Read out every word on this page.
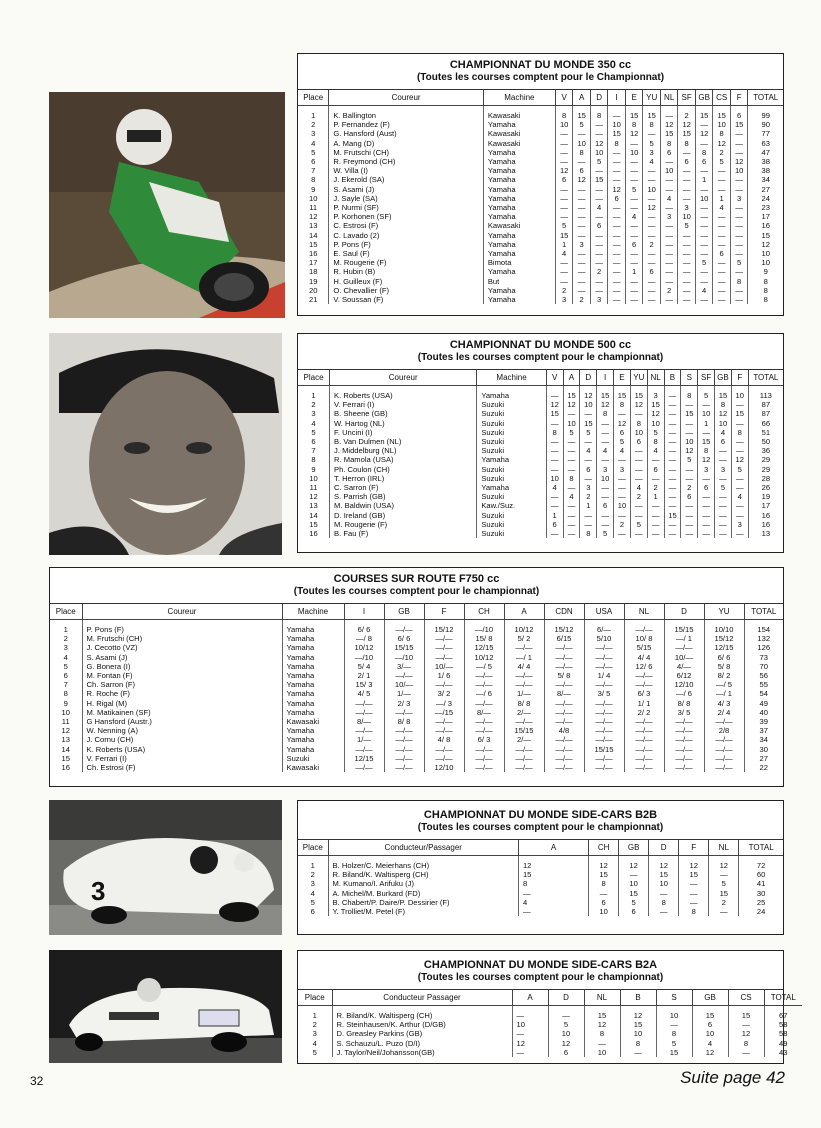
3
CHAMPIONNAT DU MONDE 350 cc
(Toutes les courses comptent pour le Championnat)
Place	Coureur	Machine	V	A	D	I	E	YU	NL	SF	GB	CS	F	TOTAL

1	K. Ballington	Kawasaki	8	15	8	—	15	15	—	2	15	15	6	99
2	P. Fernandez (F)	Yamaha	10	5	—	10	8	8	12	12	—	10	15	90
3	G. Hansford (Aust)	Kawasaki	—	—	—	15	12	—	15	15	12	8	—	77
4	A. Mang (D)	Kawasaki	—	10	12	8	—	5	8	8	—	12	—	63
5	M. Frutschi (CH)	Yamaha	—	8	10	—	10	3	6	—	8	2	—	47
6	R. Freymond (CH)	Yamaha	—	—	5	—	—	4	—	6	6	5	12	38
7	W. Villa (I)	Yamaha	12	6	—	—	—	—	10	—	—	—	10	38
8	J. Ekerold (SA)	Yamaha	6	12	15	—	—	—	—	—	1	—	—	34
9	S. Asami (J)	Yamaha	—	—	—	12	5	10	—	—	—	—	—	27
10	J. Sayle (SA)	Yamaha	—	—	—	6	—	—	4	—	10	1	3	24
11	P. Nurmi (SF)	Yamaha	—	—	4	—	—	12	—	3	—	4	—	23
12	P. Korhonen (SF)	Yamaha	—	—	—	—	4	—	3	10	—	—	—	17
13	C. Estrosi (F)	Kawasaki	5	—	6	—	—	—	—	5	—	—	—	16
14	C. Lavado (2)	Yamaha	15	—	—	—	—	—	—	—	—	—	—	15
15	P. Pons (F)	Yamaha	1	3	—	—	6	2	—	—	—	—	—	12
16	E. Saul (F)	Yamaha	4	—	—	—	—	—	—	—	—	6	—	10
17	M. Rougerie (F)	Bimota	—	—	—	—	—	—	—	—	5	—	5	10
18	R. Hubin (B)	Yamaha	—	—	2	—	1	6	—	—	—	—	—	9
19	H. Guilleux (F)	But	—	—	—	—	—	—	—	—	—	—	8	8
20	O. Chevallier (F)	Yamaha	2	—	—	—	—	—	2	—	4	—	—	8
21	V. Soussan (F)	Yamaha	3	2	3	—	—	—	—	—	—	—	—	8
CHAMPIONNAT DU MONDE 500 cc
(Toutes les courses comptent pour le championnat)
Place	Coureur	Machine	V	A	D	I	E	YU	NL	B	S	SF	GB	F	TOTAL

1	K. Roberts (USA)	Yamaha	—	15	12	15	15	15	3	—	8	5	15	10	113
2	V. Ferrari (I)	Suzuki	12	12	10	12	8	12	15	—	—	—	8	—	87
3	B. Sheene (GB)	Suzuki	15	—	—	8	—	—	12	—	15	10	12	15	87
4	W. Hartog (NL)	Suzuki	—	10	15	—	12	8	10	—	—	1	10	—	66
5	F. Uncini (I)	Suzuki	8	5	5	—	6	10	5	—	—	—	4	8	51
6	B. Van Dulmen (NL)	Suzuki	—	—	—	—	5	6	8	—	10	15	6	—	50
7	J. Middelburg (NL)	Suzuki	—	—	4	4	4	—	4	—	12	8	—	—	36
8	R. Mamola (USA)	Yamaha	—	—	—	—	—	—	—	—	5	12	—	12	29
9	Ph. Coulon (CH)	Suzuki	—	—	6	3	3	—	6	—	—	3	3	5	29
10	T. Herron (IRL)	Suzuki	10	8	—	10	—	—	—	—	—	—	—	—	28
11	C. Sarron (F)	Yamaha	4	—	3	—	—	4	2	—	2	6	5	—	26
12	S. Parrish (GB)	Suzuki	—	4	2	—	—	2	1	—	6	—	—	4	19
13	M. Baldwin (USA)	Kaw./Suz.	—	—	1	6	10	—	—	—	—	—	—	—	17
14	D. Ireland (GB)	Suzuki	1	—	—	—	—	—	—	15	—	—	—	—	16
15	M. Rougerie (F)	Suzuki	6	—	—	—	2	5	—	—	—	—	—	3	16
16	B. Fau (F)	Suzuki	—	—	8	5	—	—	—	—	—	—	—	—	13
COURSES SUR ROUTE F750 cc
(Toutes les courses comptent pour le championnat)
Place	Coureur	Machine	I	GB	F	CH	A	CDN	USA	NL	D	YU	TOTAL

1	P. Pons (F)	Yamaha	6/ 6	—/—	15/12	—/10	10/12	15/12	6/—	—/—	15/15	10/10	154
2	M. Frutschi (CH)	Yamaha	—/ 8	6/ 6	—/—	15/ 8	5/ 2	6/15	5/10	10/ 8	—/ 1	15/12	132
3	J. Cecotto (VZ)	Yamaha	10/12	15/15	—/—	12/15	—/—	—/—	—/—	5/15	—/—	12/15	126
4	S. Asami (J)	Yamaha	—/10	—/10	—/—	10/12	—/ 1	—/—	—/—	4/ 4	10/—	6/ 6	73
5	G. Bonera (I)	Yamaha	5/ 4	3/—	10/—	—/ 5	4/ 4	—/—	—/—	12/ 6	4/—	5/ 8	70
6	M. Fontan (F)	Yamaha	2/ 1	—/—	1/ 6	—/—	—/—	5/ 8	1/ 4	—/—	6/12	8/ 2	56
7	Ch. Sarron (F)	Yamaha	15/ 3	10/—	—/—	—/—	—/—	—/—	—/—	—/—	12/10	—/ 5	55
8	R. Roche (F)	Yamaha	4/ 5	1/—	3/ 2	—/ 6	1/—	8/—	3/ 5	6/ 3	—/ 6	—/ 1	54
9	H. Rigal (M)	Yamaha	—/—	2/ 3	—/ 3	—/—	8/ 8	—/—	—/—	1/ 1	8/ 8	4/ 3	49
10	M. Matikainen (SF)	Yamaha	—/—	—/—	—/15	8/—	2/—	—/—	—/—	2/ 2	3/ 5	2/ 4	40
11	G Hansford (Austr.)	Kawasaki	8/—	8/ 8	—/—	—/—	—/—	—/—	—/—	—/—	—/—	—/—	39
12	W. Nenning (A)	Yamaha	—/—	—/—	—/—	—/—	15/15	4/8	—/—	—/—	—/—	2/8	37
13	J. Cornu (CH)	Yamaha	1/—	—/—	4/ 8	6/ 3	2/—	—/—	—/—	—/—	—/—	—/—	34
14	K. Roberts (USA)	Yamaha	—/—	—/—	—/—	—/—	—/—	—/—	15/15	—/—	—/—	—/—	30
15	V. Ferrari (I)	Suzuki	12/15	—/—	—/—	—/—	—/—	—/—	—/—	—/—	—/—	—/—	27
16	Ch. Estrosi (F)	Kawasaki	—/—	—/—	12/10	—/—	—/—	—/—	—/—	—/—	—/—	—/—	22
CHAMPIONNAT DU MONDE SIDE-CARS B2B
(Toutes les courses comptent pour le championnat)
Place	Conducteur/Passager	A	CH	GB	D	F	NL	TOTAL

1	B. Holzer/C. Meierhans (CH)	12	12	12	12	12	12	72
2	R. Biland/K. Waltisperg (CH)	15	15	—	15	15	—	60
3	M. Kumano/I. Arifuku (J)	8	8	10	10	—	5	41
4	A. Michel/M. Burkard (FD)	—	—	15	—	—	15	30
5	B. Chabert/P. Daire/P. Dessirier (F)	4	6	5	8	—	2	25
6	Y. Trolliet/M. Petel (F)	—	10	6	—	8	—	24
CHAMPIONNAT DU MONDE SIDE-CARS B2A
(Toutes les courses comptent pour le championnat)
Place	Conducteur Passager	A	D	NL	B	S	GB	CS	TOTAL

1	R. Biland/K. Waltisperg (CH)	—	—	15	12	10	15	15	67
2	R. Steinhausen/K. Arthur (D/GB)	10	5	12	15	—	6	—	58
3	D. Greasley Parkins (GB)	—	10	8	10	8	10	12	58
4	S. Schauzu/L. Puzo (D/I)	12	12	—	8	5	4	8	49
5	J. Taylor/Neil/Johansson(GB)	—	6	10	—	15	12	—	43
32	Suite page 42
